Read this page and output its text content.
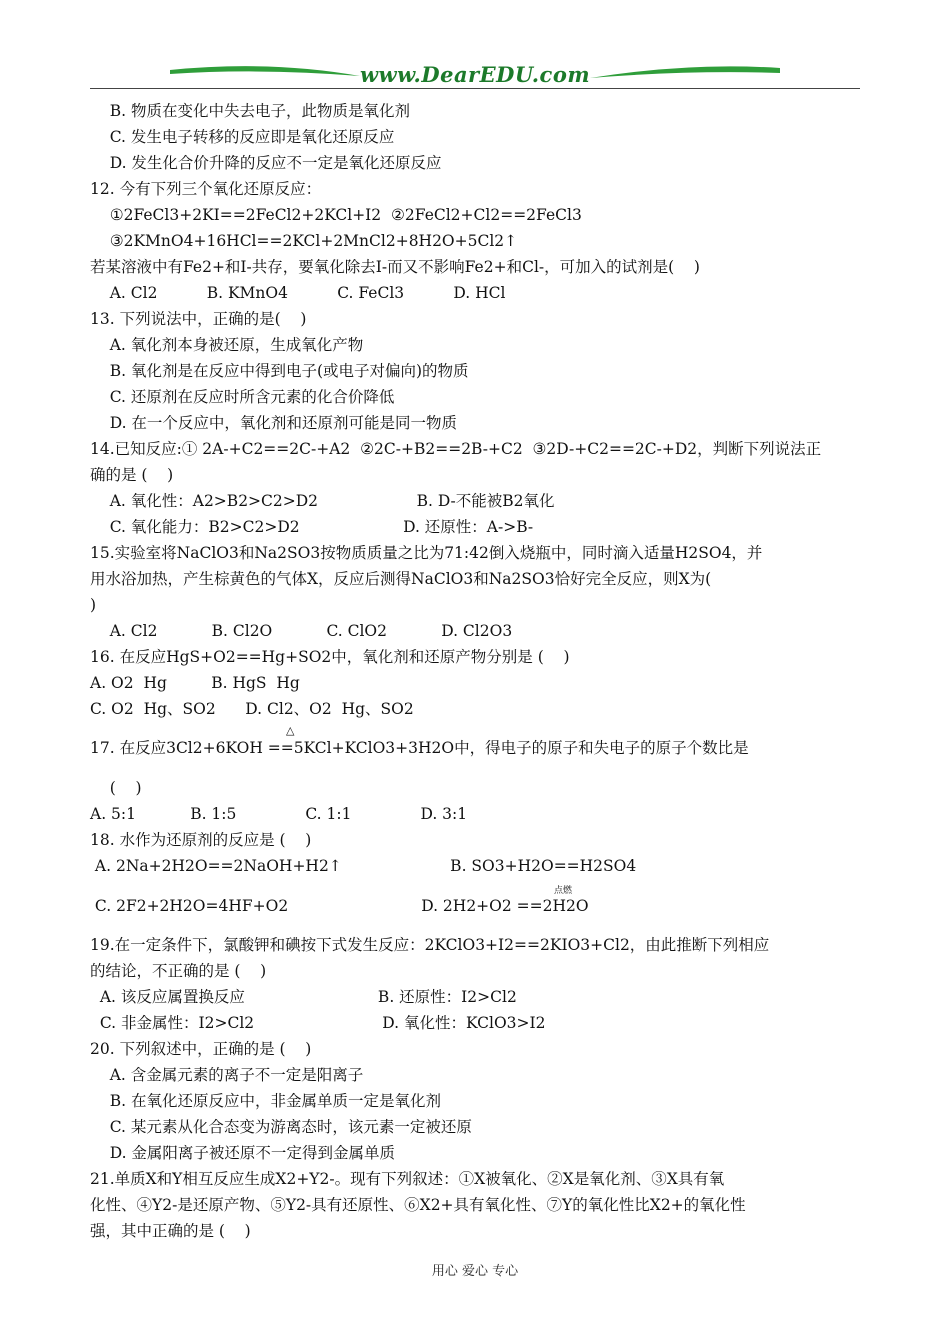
www.DearEDU.com
B. 物质在变化中失去电子，此物质是氧化剂
C. 发生电子转移的反应即是氧化还原反应
D. 发生化合价升降的反应不一定是氧化还原反应
12. 今有下列三个氧化还原反应：
①2FeCl3+2KI==2FeCl2+2KCl+I2  ②2FeCl2+Cl2==2FeCl3
③2KMnO4+16HCl==2KCl+2MnCl2+8H2O+5Cl2↑
若某溶液中有Fe2+和I-共存，要氧化除去I-而又不影响Fe2+和Cl-，可加入的试剂是(    )
A. Cl2          B. KMnO4          C. FeCl3          D. HCl
13. 下列说法中，正确的是(    )
A. 氧化剂本身被还原，生成氧化产物
B. 氧化剂是在反应中得到电子(或电子对偏向)的物质
C. 还原剂在反应时所含元素的化合价降低
D. 在一个反应中，氧化剂和还原剂可能是同一物质
14.已知反应:① 2A-+C2==2C-+A2  ②2C-+B2==2B-+C2  ③2D-+C2==2C-+D2，判断下列说法正
确的是 (    )
A. 氧化性：A2>B2>C2>D2                    B. D-不能被B2氧化
C. 氧化能力：B2>C2>D2                     D. 还原性：A->B-
15.实验室将NaClO3和Na2SO3按物质质量之比为71:42倒入烧瓶中，同时滴入适量H2SO4，并
用水浴加热，产生棕黄色的气体X，反应后测得NaClO3和Na2SO3恰好完全反应，则X为(
)
A. Cl2           B. Cl2O           C. ClO2           D. Cl2O3
16. 在反应HgS+O2==Hg+SO2中，氧化剂和还原产物分别是 (    )
A. O2  Hg         B. HgS  Hg
C. O2  Hg、SO2      D. Cl2、O2  Hg、SO2
17. 在反应3Cl2+6KOH ==5KCl+KClO3+3H2O中，得电子的原子和失电子的原子个数比是
(    )
A. 5:1           B. 1:5              C. 1:1              D. 3:1
18. 水作为还原剂的反应是 (    )
A. 2Na+2H2O==2NaOH+H2↑                      B. SO3+H2O==H2SO4
C. 2F2+2H2O=4HF+O2                           D. 2H2+O2 ==2H2O
19.在一定条件下，氯酸钾和碘按下式发生反应：2KClO3+I2==2KIO3+Cl2，由此推断下列相应
的结论，不正确的是 (    )
A. 该反应属置换反应                           B. 还原性：I2>Cl2
C. 非金属性：I2>Cl2                          D. 氧化性：KClO3>I2
20. 下列叙述中，正确的是 (    )
A. 含金属元素的离子不一定是阳离子
B. 在氧化还原反应中，非金属单质一定是氧化剂
C. 某元素从化合态变为游离态时，该元素一定被还原
D. 金属阳离子被还原不一定得到金属单质
21.单质X和Y相互反应生成X2+Y2-。现有下列叙述：①X被氧化、②X是氧化剂、③X具有氧
化性、④Y2-是还原产物、⑤Y2-具有还原性、⑥X2+具有氧化性、⑦Y的氧化性比X2+的氧化性
强，其中正确的是 (    )
△
点燃
用心 爱心 专心
